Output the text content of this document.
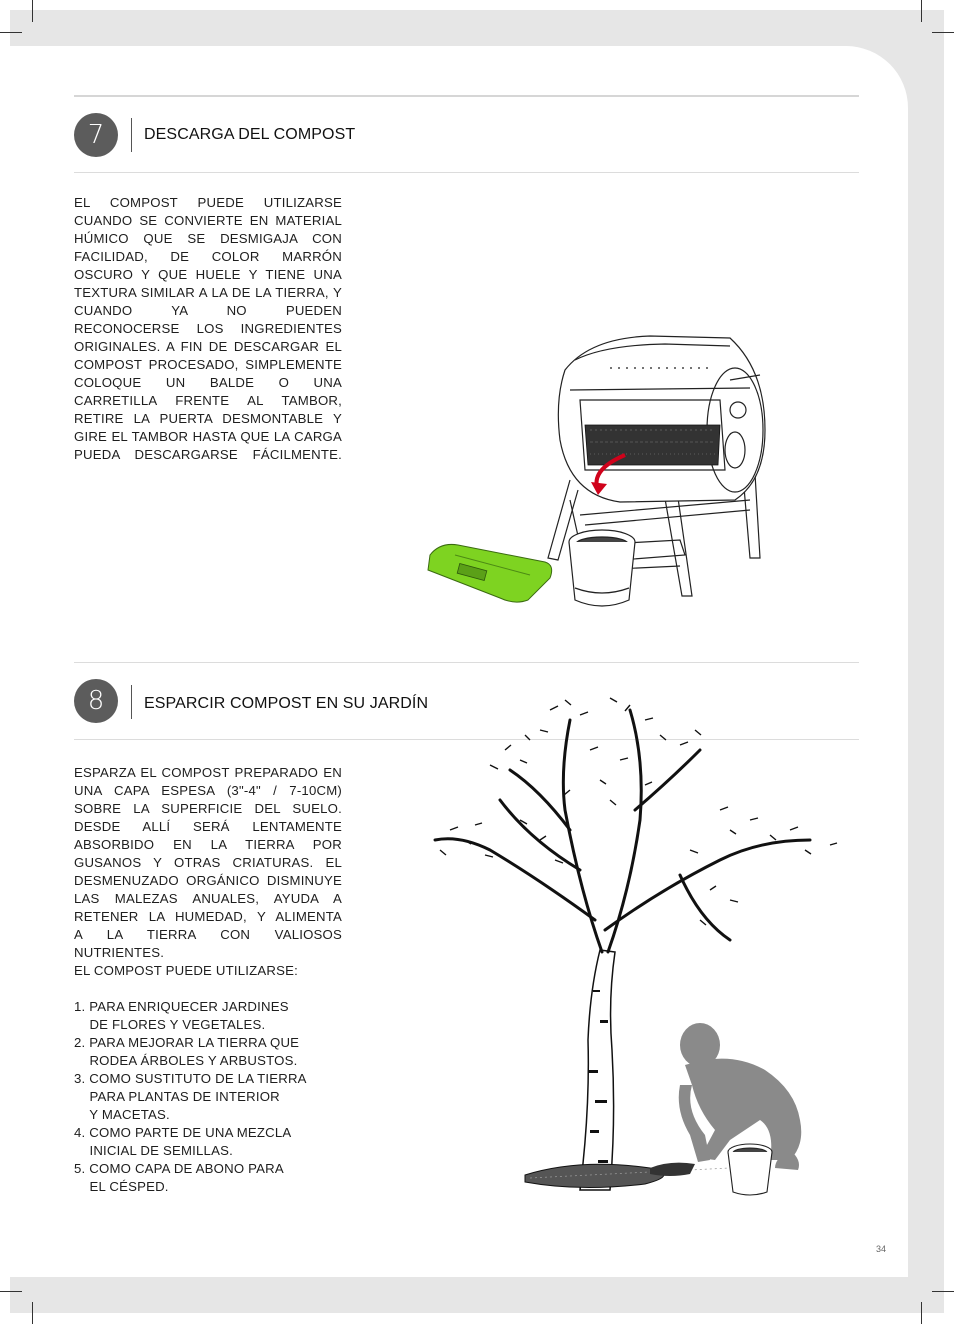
7	DESCARGA DEL COMPOST
EL COMPOST PUEDE UTILIZARSE CUANDO SE CONVIERTE EN MATERIAL HÚMICO QUE SE DESMIGAJA CON FACILIDAD, DE COLOR MARRÓN OSCURO Y QUE HUELE Y TIENE UNA TEXTURA SIMILAR A LA DE LA TIERRA, Y CUANDO YA NO PUEDEN RECONOCERSE LOS INGREDIENTES ORIGINALES. A FIN DE DESCARGAR EL COMPOST PROCESADO, SIMPLEMENTE COLOQUE UN BALDE O UNA CARRETILLA FRENTE AL TAMBOR, RETIRE LA PUERTA DESMONTABLE Y GIRE EL TAMBOR HASTA QUE LA CARGA PUEDA DESCARGARSE FÁCILMENTE.
8	ESPARCIR COMPOST EN SU JARDÍN
ESPARZA EL COMPOST PREPARADO EN UNA CAPA ESPESA (3"-4" / 7-10CM) SOBRE LA SUPERFICIE DEL SUELO. DESDE ALLÍ SERÁ LENTAMENTE ABSORBIDO EN LA TIERRA POR GUSANOS Y OTRAS CRIATURAS. EL DESMENUZADO ORGÁNICO DISMINUYE LAS MALEZAS ANUALES, AYUDA A RETENER LA HUMEDAD, Y ALIMENTA
A LA TIERRA CON VALIOSOS NUTRIENTES.
EL COMPOST PUEDE UTILIZARSE:
1. PARA ENRIQUECER JARDINES
DE FLORES Y VEGETALES.
2. PARA MEJORAR LA TIERRA QUE
RODEA ÁRBOLES Y ARBUSTOS.
3. COMO SUSTITUTO DE LA TIERRA
PARA PLANTAS DE INTERIOR
Y MACETAS.
4. COMO PARTE DE UNA MEZCLA
INICIAL DE SEMILLAS.
5. COMO CAPA DE ABONO PARA
EL CÉSPED.
34
